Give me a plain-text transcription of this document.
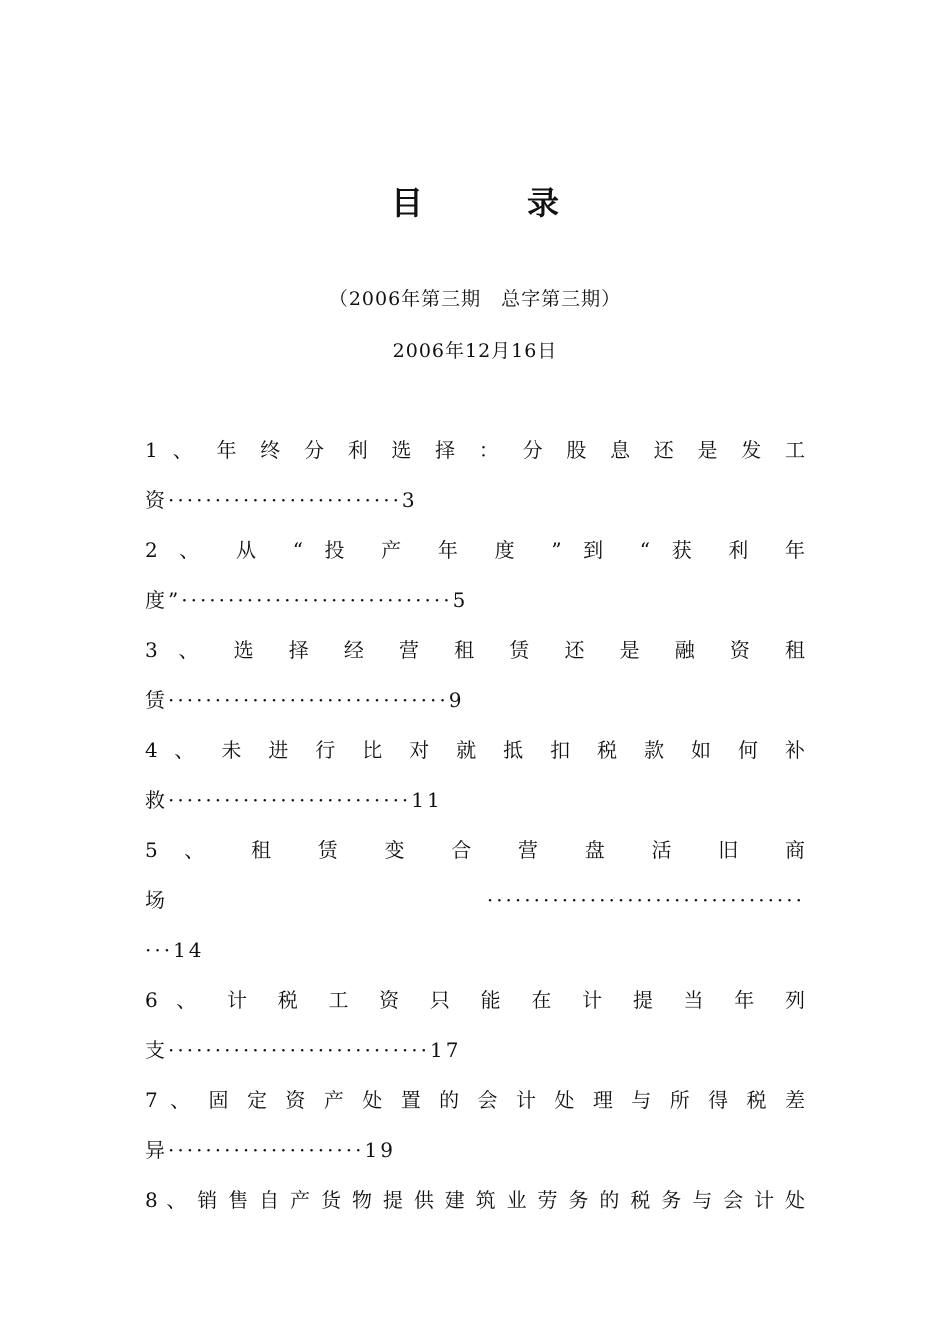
目　录
（2006年第三期　总字第三期）
2006年12月16日
1 、 年 终 分 利 选 择 ： 分 股 息 还 是 发 工
资·························3
2 、 从 “ 投 产 年 度 ” 到 “ 获 利 年
度”·····························5
3 、 选 择 经 营 租 赁 还 是 融 资 租
赁······························9
4 、 未 进 行 比 对 就 抵 扣 税 款 如 何 补
救··························11
5 、 租 赁 变 合 营 盘 活 旧 商
场 ··································
···14
6 、 计 税 工 资 只 能 在 计 提 当 年 列
支····························17
7 、 固 定 资 产 处 置 的 会 计 处 理 与 所 得 税 差
异·····················19
8 、 销 售 自 产 货 物 提 供 建 筑 业 劳 务 的 税 务 与 会 计 处
